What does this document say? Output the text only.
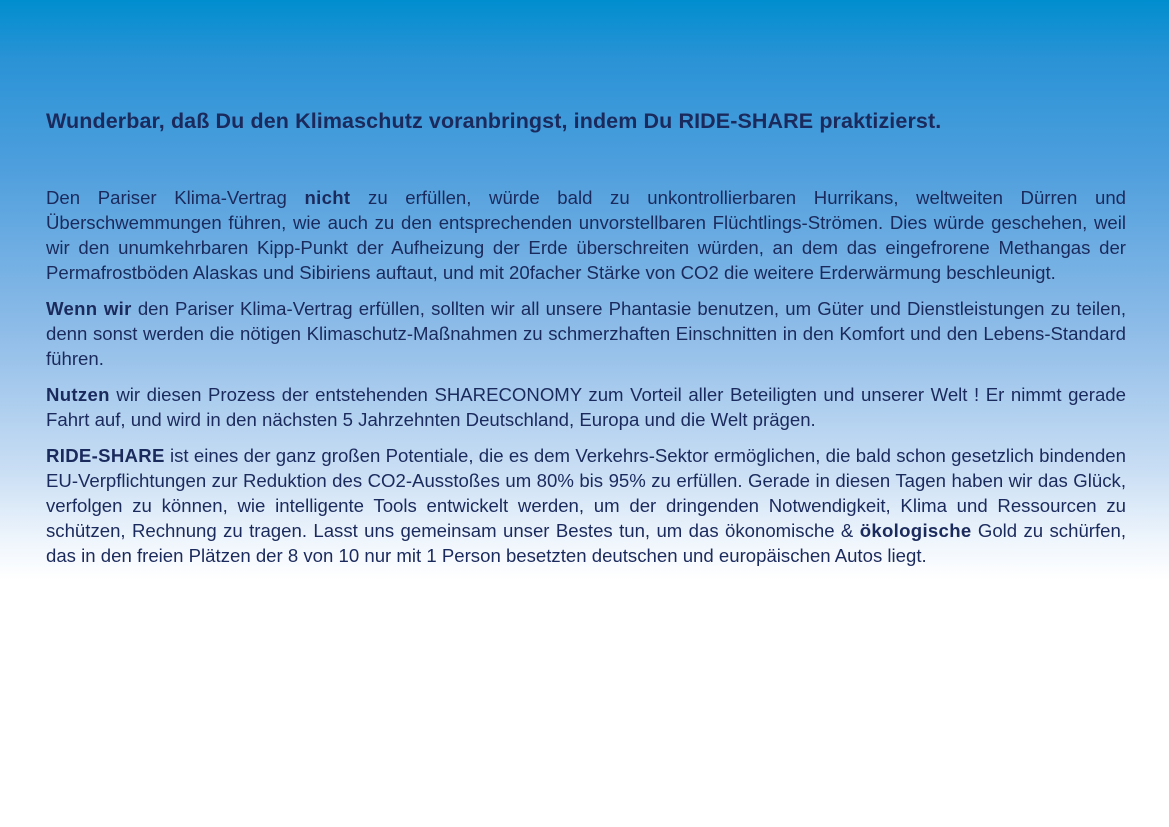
Wunderbar, daß Du den Klimaschutz voranbringst, indem Du RIDE-SHARE praktizierst.

Den Pariser Klima-Vertrag nicht zu erfüllen, würde bald zu unkontrollierbaren Hurrikans, weltweiten Dürren und Überschwemmungen führen, wie auch zu den entsprechenden unvorstellbaren Flüchtlings-Strömen. Dies würde geschehen, weil wir den unumkehrbaren Kipp-Punkt der Aufheizung der Erde überschreiten würden, an dem das eingefrorene Methangas der Permafrostböden Alaskas und Sibiriens auftaut, und mit 20facher Stärke von CO2 die weitere Erderwärmung beschleunigt.

Wenn wir den Pariser Klima-Vertrag erfüllen, sollten wir all unsere Phantasie benutzen, um Güter und Dienstleistungen zu teilen, denn sonst werden die nötigen Klimaschutz-Maßnahmen zu schmerzhaften Einschnitten in den Komfort und den Lebens-Standard führen.

Nutzen wir diesen Prozess der entstehenden SHARECONOMY zum Vorteil aller Beteiligten und unserer Welt ! Er nimmt gerade Fahrt auf, und wird in den nächsten 5 Jahrzehnten Deutschland, Europa und die Welt prägen.

RIDE-SHARE ist eines der ganz großen Potentiale, die es dem Verkehrs-Sektor ermöglichen, die bald schon gesetzlich bindenden EU-Verpflichtungen zur Reduktion des CO2-Ausstoßes um 80% bis 95% zu erfüllen. Gerade in diesen Tagen haben wir das Glück, verfolgen zu können, wie intelligente Tools entwickelt werden, um der dringenden Notwendigkeit, Klima und Ressourcen zu schützen, Rechnung zu tragen. Lasst uns gemeinsam unser Bestes tun, um das ökonomische & ökologische Gold zu schürfen, das in den freien Plätzen der 8 von 10 nur mit 1 Person besetzten deutschen und europäischen Autos liegt.
